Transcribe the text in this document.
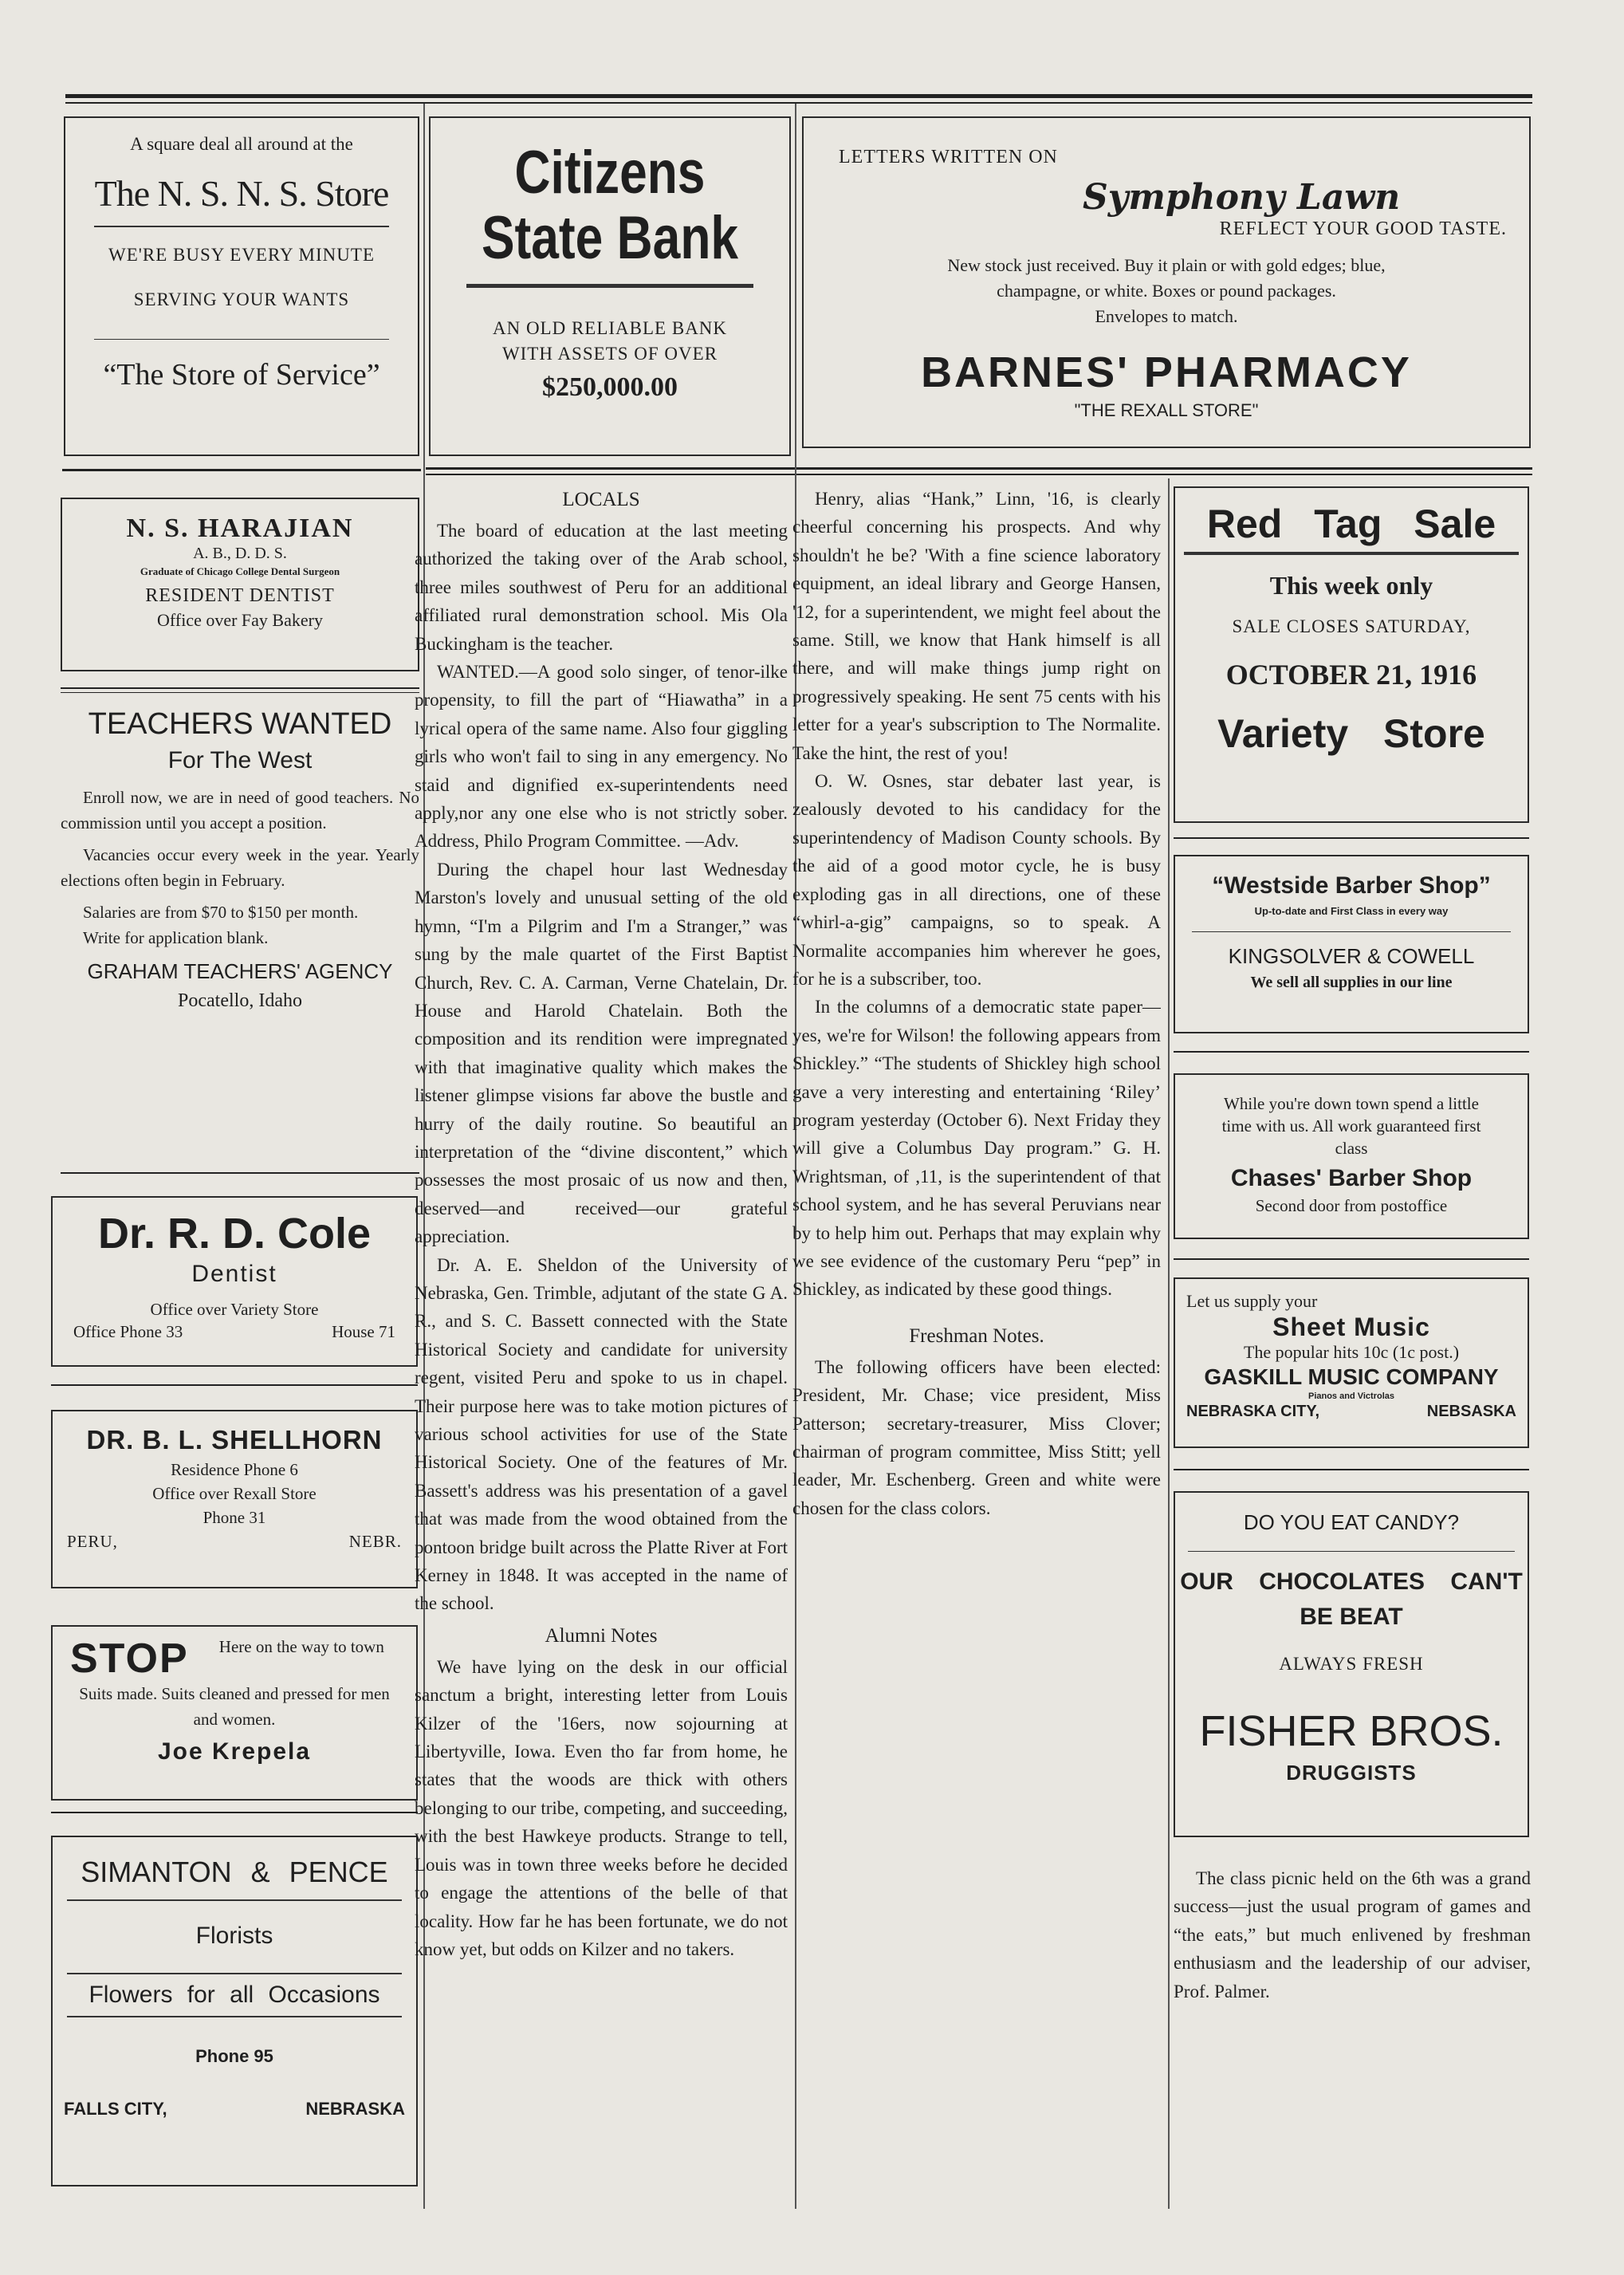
A square deal all around at the
The N. S. N. S. Store
WE'RE BUSY EVERY MINUTE
SERVING YOUR WANTS
“The Store of Service”
Citizens
State Bank
AN OLD RELIABLE BANK
WITH ASSETS OF OVER
$250,000.00
LETTERS WRITTEN ON
Symphony Lawn
REFLECT YOUR GOOD TASTE.
New stock just received. Buy it plain or with gold edges; blue,
champagne, or white. Boxes or pound packages.
Envelopes to match.
BARNES' PHARMACY
"THE REXALL STORE"
N. S. HARAJIAN
A. B., D. D. S.
Graduate of Chicago College Dental Surgeon
RESIDENT DENTIST
Office over Fay Bakery
TEACHERS WANTED
For The West

Enroll now, we are in need of good teachers. No commission until you accept a position.

Vacancies occur every week in the year. Yearly elections often begin in February.

Salaries are from $70 to $150 per month.

Write for application blank.

GRAHAM TEACHERS' AGENCY
Pocatello, Idaho
Dr. R. D. Cole
Dentist
Office over Variety Store
Office Phone 33	House 71
DR. B. L. SHELLHORN
Residence Phone 6
Office over Rexall Store
Phone 31
PERU,	NEBR.
STOP	Here on the way to town
Suits made. Suits cleaned and pressed for men and women.
Joe Krepela
SIMANTON & PENCE
Florists
Flowers for all Occasions
Phone 95
FALLS CITY,	NEBRASKA
LOCALS

The board of education at the last meeting authorized the taking over of the Arab school, three miles southwest of Peru for an additional affiliated rural demonstration school. Mis Ola Buckingham is the teacher.

WANTED.—A good solo singer, of tenor-ilke propensity, to fill the part of “Hiawatha” in a lyrical opera of the same name. Also four giggling girls who won't fail to sing in any emergency. No staid and dignified ex-superintendents need apply,nor any one else who is not strictly sober. Address, Philo Program Committee. —Adv.

During the chapel hour last Wednesday Marston's lovely and unusual setting of the old hymn, “I'm a Pilgrim and I'm a Stranger,” was sung by the male quartet of the First Baptist Church, Rev. C. A. Carman, Verne Chatelain, Dr. House and Harold Chatelain. Both the composition and its rendition were impregnated with that imaginative quality which makes the listener glimpse visions far above the bustle and hurry of the daily routine. So beautiful an interpretation of the “divine discontent,” which possesses the most prosaic of us now and then, deserved—and received—our grateful appreciation.

Dr. A. E. Sheldon of the University of Nebraska, Gen. Trimble, adjutant of the state G A. R., and S. C. Bassett connected with the State Historical Society and candidate for university regent, visited Peru and spoke to us in chapel. Their purpose here was to take motion pictures of various school activities for use of the State Historical Society. One of the features of Mr. Bassett's address was his presentation of a gavel that was made from the wood obtained from the pontoon bridge built across the Platte River at Fort Kerney in 1848. It was accepted in the name of the school.

Alumni Notes

We have lying on the desk in our official sanctum a bright, interesting letter from Louis Kilzer of the '16ers, now sojourning at Libertyville, Iowa. Even tho far from home, he states that the woods are thick with others belonging to our tribe, competing, and succeeding, with the best Hawkeye products. Strange to tell, Louis was in town three weeks before he decided to engage the attentions of the belle of that locality. How far he has been fortunate, we do not know yet, but odds on Kilzer and no takers.

Henry, alias “Hank,” Linn, '16, is clearly cheerful concerning his prospects. And why shouldn't he be? 'With a fine science laboratory equipment, an ideal library and George Hansen, '12, for a superintendent, we might feel about the same. Still, we know that Hank himself is all there, and will make things jump right on progressively speaking. He sent 75 cents with his letter for a year's subscription to The Normalite. Take the hint, the rest of you!

O. W. Osnes, star debater last year, is zealously devoted to his candidacy for the superintendency of Madison County schools. By the aid of a good motor cycle, he is busy exploding gas in all directions, one of these “whirl-a-gig” campaigns, so to speak. A Normalite accompanies him wherever he goes, for he is a subscriber, too.

In the columns of a democratic state paper—yes, we're for Wilson! the following appears from Shickley.” “The students of Shickley high school gave a very interesting and entertaining ‘Riley’ program yesterday (October 6). Next Friday they will give a Columbus Day program.” G. H. Wrightsman, of ,11, is the superintendent of that school system, and he has several Peruvians near by to help him out. Perhaps that may explain why we see evidence of the customary Peru “pep” in Shickley, as indicated by these good things.

Freshman Notes.

The following officers have been elected: President, Mr. Chase; vice president, Miss Patterson; secretary-treasurer, Miss Clover; chairman of program committee, Miss Stitt; yell leader, Mr. Eschenberg. Green and white were chosen for the class colors.

Red Tag Sale
This week only
SALE CLOSES SATURDAY,
OCTOBER 21, 1916
Variety Store
“Westside Barber Shop”
Up-to-date and First Class in every way
KINGSOLVER & COWELL
We sell all supplies in our line
While you're down town spend a little time with us. All work guaranteed first class
Chases' Barber Shop
Second door from postoffice
Let us supply your
Sheet Music
The popular hits 10c (1c post.)
GASKILL MUSIC COMPANY
Pianos and Victrolas
NEBRASKA CITY,	NEBSASKA
DO YOU EAT CANDY?
OUR CHOCOLATES CAN'T
BE BEAT
ALWAYS FRESH
FISHER BROS.
DRUGGISTS

The class picnic held on the 6th was a grand success—just the usual program of games and “the eats,” but much enlivened by freshman enthusiasm and the leadership of our adviser, Prof. Palmer.
